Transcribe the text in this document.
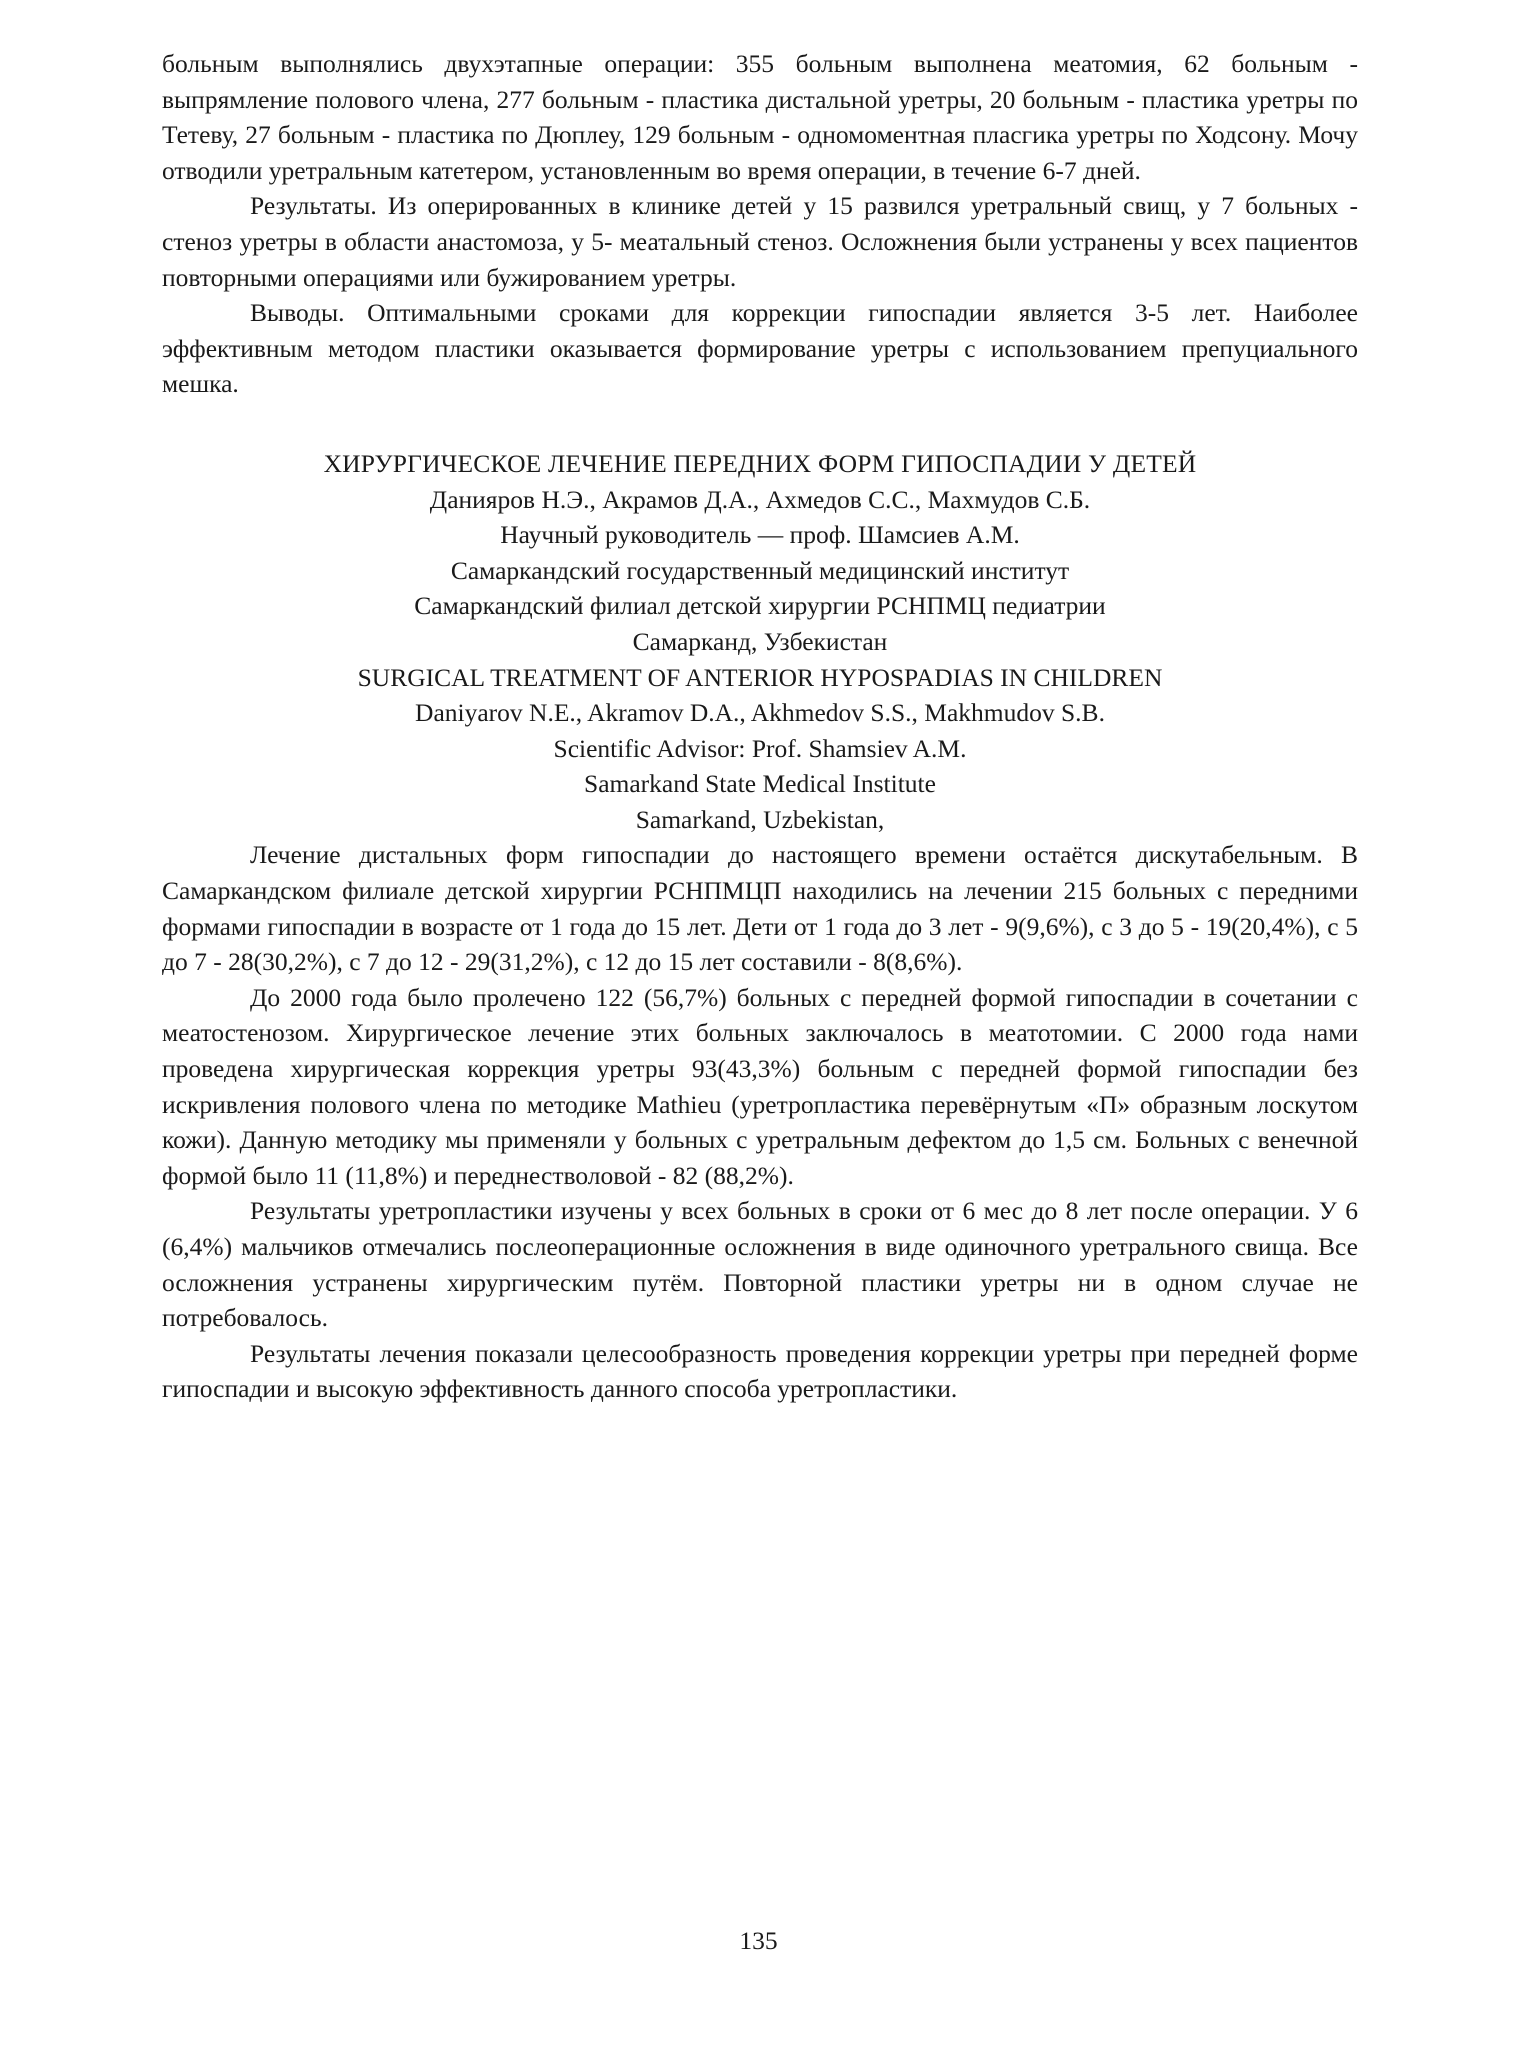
больным выполнялись двухэтапные операции: 355 больным выполнена меатомия, 62 больным - выпрямление полового члена, 277 больным - пластика дистальной уретры, 20 больным - пластика уретры по Тетеву, 27 больным - пластика по Дюплеу, 129 больным - одномоментная пласгика уретры по Ходсону. Мочу отводили уретральным катетером, установленным во время операции, в течение 6-7 дней.

Результаты. Из оперированных в клинике детей у 15 развился уретральный свищ, у 7 больных - стеноз уретры в области анастомоза, у 5- меатальный стеноз. Осложнения были устранены у всех пациентов повторными операциями или бужированием уретры.

Выводы. Оптимальными сроками для коррекции гипоспадии является 3-5 лет. Наиболее эффективным методом пластики оказывается формирование уретры с использованием препуциального мешка.

ХИРУРГИЧЕСКОЕ ЛЕЧЕНИЕ ПЕРЕДНИХ ФОРМ ГИПОСПАДИИ У ДЕТЕЙ

Данияров Н.Э., Акрамов Д.А., Ахмедов С.С., Махмудов С.Б.

Научный руководитель — проф. Шамсиев А.М.

Самаркандский государственный медицинский институт

Самаркандский филиал детской хирургии РСНПМЦ педиатрии

Самарканд, Узбекистан

SURGICAL TREATMENT OF ANTERIOR HYPOSPADIAS IN CHILDREN

Daniyarov N.E., Akramov D.A., Akhmedov S.S., Makhmudov S.B.

Scientific Advisor: Prof. Shamsiev A.M.

Samarkand State Medical Institute

Samarkand, Uzbekistan,

Лечение дистальных форм гипоспадии до настоящего времени остаётся дискутабельным. В Самаркандском филиале детской хирургии РСНПМЦП находились на лечении 215 больных с передними формами гипоспадии в возрасте от 1 года до 15 лет. Дети от 1 года до 3 лет - 9(9,6%), с 3 до 5 - 19(20,4%), с 5 до 7 - 28(30,2%), с 7 до 12 - 29(31,2%), с 12 до 15 лет составили - 8(8,6%).

До 2000 года было пролечено 122 (56,7%) больных с передней формой гипоспадии в сочетании с меатостенозом. Хирургическое лечение этих больных заключалось в меатотомии. С 2000 года нами проведена хирургическая коррекция уретры 93(43,3%) больным с передней формой гипоспадии без искривления полового члена по методике Mathieu (уретропластика перевёрнутым «П» образным лоскутом кожи). Данную методику мы применяли у больных с уретральным дефектом до 1,5 см. Больных с венечной формой было 11 (11,8%) и переднестволовой - 82 (88,2%).

Результаты уретропластики изучены у всех больных в сроки от 6 мес до 8 лет после операции. У 6 (6,4%) мальчиков отмечались послеоперационные осложнения в виде одиночного уретрального свища. Все осложнения устранены хирургическим путём. Повторной пластики уретры ни в одном случае не потребовалось.

Результаты лечения показали целесообразность проведения коррекции уретры при передней форме гипоспадии и высокую эффективность данного способа уретропластики.

135
